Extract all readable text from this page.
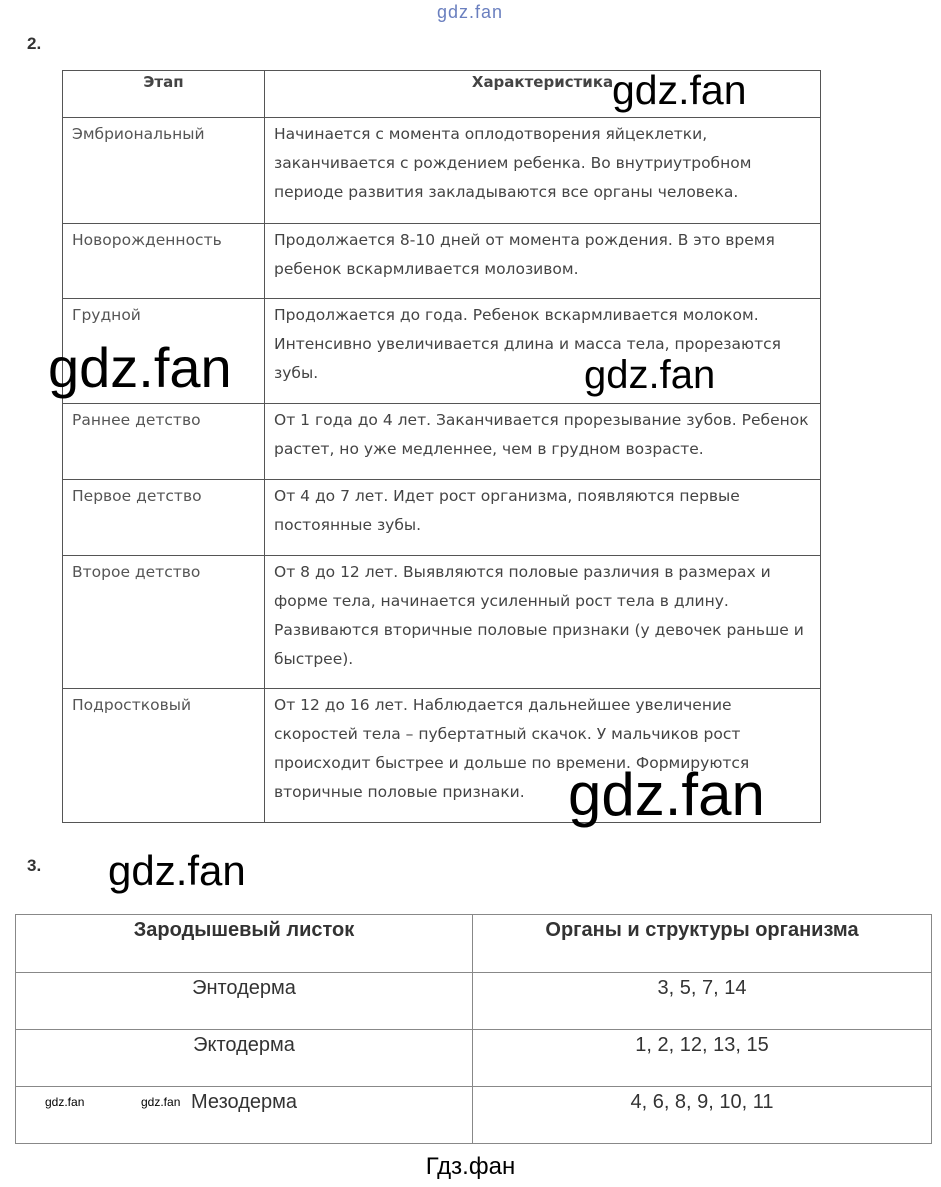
gdz.fan
2.
Этап	Характеристика
Эмбриональный	Начинается с момента оплодотворения яйцеклетки, заканчивается с рождением ребенка. Во внутриутробном периоде развития закладываются все органы человека.
Новорожденность	Продолжается 8-10 дней от момента рождения. В это время ребенок вскармливается молозивом.
Грудной	Продолжается до года. Ребенок вскармливается молоком. Интенсивно увеличивается длина и масса тела, прорезаются зубы.
Раннее детство	От 1 года до 4 лет. Заканчивается прорезывание зубов. Ребенок растет, но уже медленнее, чем в грудном возрасте.
Первое детство	От 4 до 7 лет. Идет рост организма, появляются первые постоянные зубы.
Второе детство	От 8 до 12 лет. Выявляются половые различия в размерах и форме тела, начинается усиленный рост тела в длину. Развиваются вторичные половые признаки (у девочек раньше и быстрее).
Подростковый	От 12 до 16 лет. Наблюдается дальнейшее увеличение скоростей тела – пубертатный скачок. У мальчиков рост происходит быстрее и дольше по времени. Формируются вторичные половые признаки.
3.
Зародышевый листок	Органы и структуры организма
Энтодерма	3, 5, 7, 14
Эктодерма	1, 2, 12, 13, 15
Мезодерма	4, 6, 8, 9, 10, 11
gdz.fan
gdz.fan	gdz.fan
gdz.fan
gdz.fan
gdz.fan	gdz.fan
Гдз.фан
